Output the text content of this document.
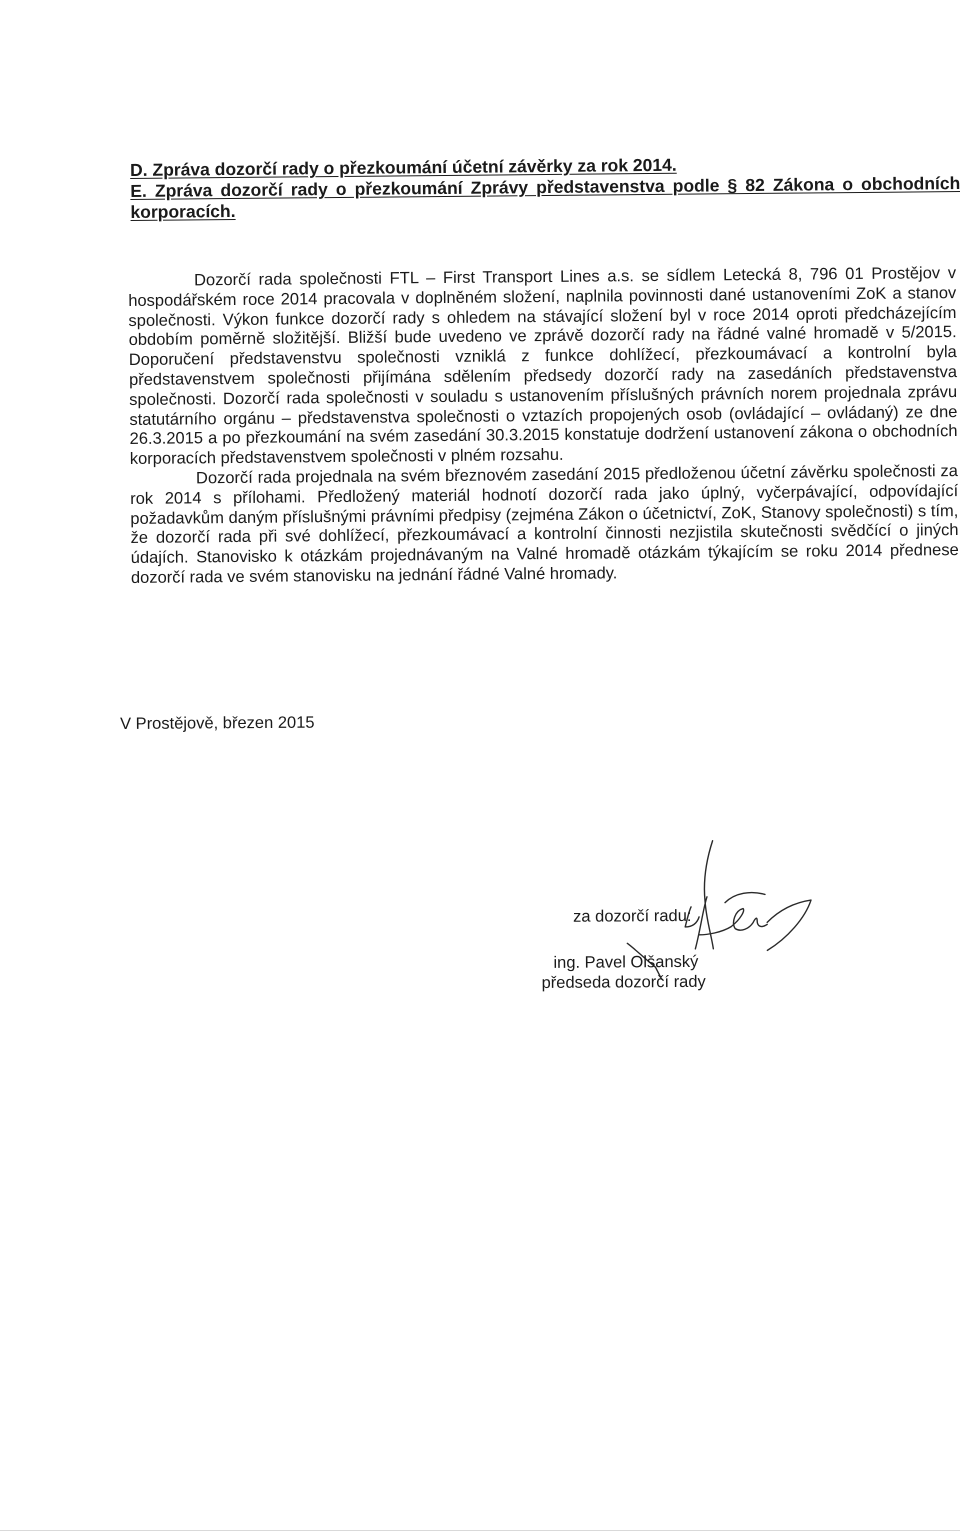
D. Zpráva dozorčí rady o přezkoumání účetní závěrky za rok 2014.

E. Zpráva dozorčí rady o přezkoumání Zprávy představenstva podle § 82 Zákona o obchodních korporacích.

Dozorčí rada společnosti FTL – First Transport Lines a.s. se sídlem Letecká 8, 796 01 Prostějov v hospodářském roce 2014 pracovala v doplněném složení, naplnila povinnosti dané ustanoveními ZoK a stanov společnosti. Výkon funkce dozorčí rady s ohledem na stávající složení byl v roce 2014 oproti předcházejícím obdobím poměrně složitější. Bližší bude uvedeno ve zprávě dozorčí rady na řádné valné hromadě v 5/2015. Doporučení představenstvu společnosti vzniklá z funkce dohlížecí, přezkoumávací a kontrolní byla představenstvem společnosti přijímána sdělením předsedy dozorčí rady na zasedáních představenstva společnosti. Dozorčí rada společnosti v souladu s ustanovením příslušných právních norem projednala zprávu statutárního orgánu – představenstva společnosti o vztazích propojených osob (ovládající – ovládaný) ze dne 26.3.2015 a po přezkoumání na svém zasedání 30.3.2015 konstatuje dodržení ustanovení zákona o obchodních korporacích představenstvem společnosti v plném rozsahu.

Dozorčí rada projednala na svém březnovém zasedání 2015 předloženou účetní závěrku společnosti za rok 2014 s přílohami. Předložený materiál hodnotí dozorčí rada jako úplný, vyčerpávající, odpovídající požadavkům daným příslušnými právními předpisy (zejména Zákon o účetnictví, ZoK, Stanovy společnosti) s tím, že dozorčí rada při své dohlížecí, přezkoumávací a kontrolní činnosti nezjistila skutečnosti svědčící o jiných údajích. Stanovisko k otázkám projednávaným na Valné hromadě otázkám týkajícím se roku 2014 přednese dozorčí rada ve svém stanovisku na jednání řádné Valné hromady.

V Prostějově, březen 2015
za dozorčí radu:
ing. Pavel Olšanský
předseda dozorčí rady
